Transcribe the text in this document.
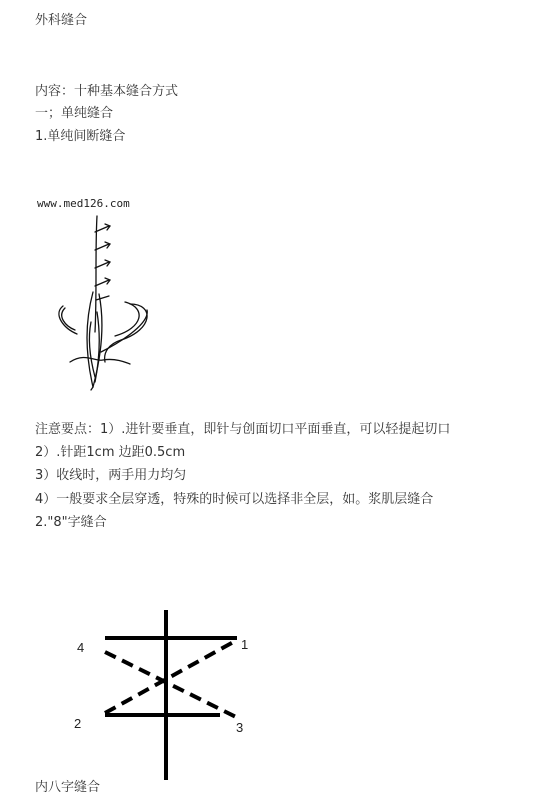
外科缝合
内容：十种基本缝合方式
一；单纯缝合
1.单纯间断缝合
www.med126.com
注意要点：1）.进针要垂直，即针与创面切口平面垂直，可以轻提起切口
2）.针距1cm 边距0.5cm
3）收线时，两手用力均匀
4）一般要求全层穿透，特殊的时候可以选择非全层，如。浆肌层缝合
2."8"字缝合
4	1
2	3
内八字缝合
